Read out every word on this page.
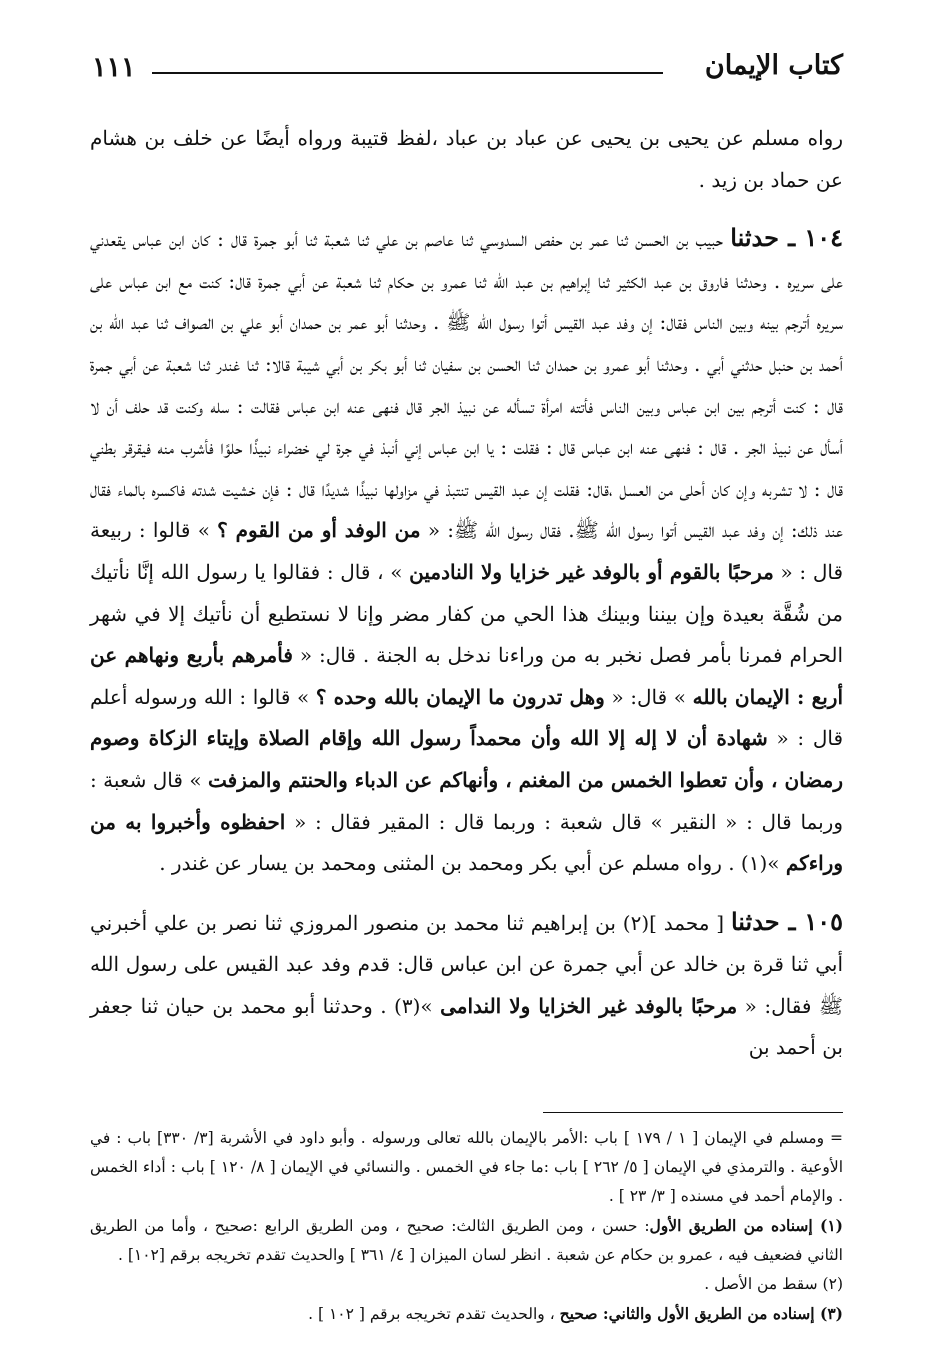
كتاب الإيمان
١١١

رواه مسلم عن يحيى بن يحيى عن عباد بن عباد ،لفظ قتيبة ورواه أيضًا عن خلف بن هشام عن حماد بن زيد .

١٠٤ ـ حدثنا حبيب بن الحسن ثنا عمر بن حفص السدوسي ثنا عاصم بن علي ثنا شعبة ثنا أبو جمرة قال : كان ابن عباس يقعدني على سريره . وحدثنا فاروق بن عبد الكثير ثنا إبراهيم بن عبد الله ثنا عمرو بن حكام ثنا شعبة عن أبي جمرة قال: كنت مع ابن عباس على سريره أترجم بينه وبين الناس فقال: إن وفد عبد القيس أتوا رسول الله ﷺ . وحدثنا أبو عمر بن حمدان أبو علي بن الصواف ثنا عبد الله بن أحمد بن حنبل حدثني أبي . وحدثنا أبو عمرو بن حمدان ثنا الحسن بن سفيان ثنا أبو بكر بن أبي شيبة قالا: ثنا غندر ثنا شعبة عن أبي جمرة قال : كنت أترجم بين ابن عباس وبين الناس فأتته امرأة تسأله عن نبيذ الجر قال فنهى عنه ابن عباس فقالت : سله وكنت قد حلف أن لا أسأل عن نبيذ الجر . قال : فنهى عنه ابن عباس قال : فقلت : يا ابن عباس إني أنبذ في جرة لي خضراء نبيذًا حلوًا فأشرب منه فيقرقر بطني قال : لا تشربه وإن كان أحلى من العسل ،قال: فقلت إن عبد القيس تنتبذ في مزاولها نبيذًا شديدًا قال : فإن خشيت شدته فاكسره بالماء فقال عند ذلك: إن وفد عبد القيس أتوا رسول الله ﷺ. فقال رسول الله ﷺ: « من الوفد أو من القوم ؟ » قالوا : ربيعة قال : « مرحبًا بالقوم أو بالوفد غير خزايا ولا النادمين » ، قال : فقالوا يا رسول الله إنَّا نأتيك من شُقَّة بعيدة وإن بيننا وبينك هذا الحي من كفار مضر وإنا لا نستطيع أن نأتيك إلا في شهر الحرام فمرنا بأمر فصل نخبر به من وراءنا ندخل به الجنة . قال: « فأمرهم بأربع ونهاهم عن أربع : الإيمان بالله » قال: « وهل تدرون ما الإيمان بالله وحده ؟ » قالوا : الله ورسوله أعلم قال : « شهادة أن لا إله إلا الله وأن محمداً رسول الله وإقام الصلاة وإيتاء الزكاة وصوم رمضان ، وأن تعطوا الخمس من المغنم ، وأنهاكم عن الدباء والحنتم والمزفت » قال شعبة : وربما قال : « النقير » قال شعبة : وربما قال : المقير فقال : « احفظوه وأخبروا به من وراءكم »(١) . رواه مسلم عن أبي بكر ومحمد بن المثنى ومحمد بن يسار عن غندر .

١٠٥ ـ حدثنا [ محمد ](٢) بن إبراهيم ثنا محمد بن منصور المروزي ثنا نصر بن علي أخبرني أبي ثنا قرة بن خالد عن أبي جمرة عن ابن عباس قال: قدم وفد عبد القيس على رسول الله ﷺ فقال: « مرحبًا بالوفد غير الخزايا ولا الندامى »(٣) . وحدثنا أبو محمد بن حيان ثنا جعفر بن أحمد بن

= ومسلم في الإيمان [ ١ / ١٧٩ ] باب :الأمر بالإيمان بالله تعالى ورسوله . وأبو داود في الأشربة [٣/ ٣٣٠] باب : في الأوعية . والترمذي في الإيمان [ ٥/ ٢٦٢ ] باب :ما جاء في الخمس . والنسائي في الإيمان [ ٨/ ١٢٠ ] باب : أداء الخمس . والإمام أحمد في مسنده [ ٣/ ٢٣ ] .

(١) إسناده من الطريق الأول: حسن ، ومن الطريق الثالث: صحيح ، ومن الطريق الرابع :صحيح ، وأما من الطريق الثاني فضعيف فيه ، عمرو بن حكام عن شعبة . انظر لسان الميزان [ ٤/ ٣٦١ ] والحديث تقدم تخريجه برقم [١٠٢] .

(٢) سقط من الأصل .

(٣) إسناده من الطريق الأول والثاني: صحيح ، والحديث تقدم تخريجه برقم [ ١٠٢ ] .
